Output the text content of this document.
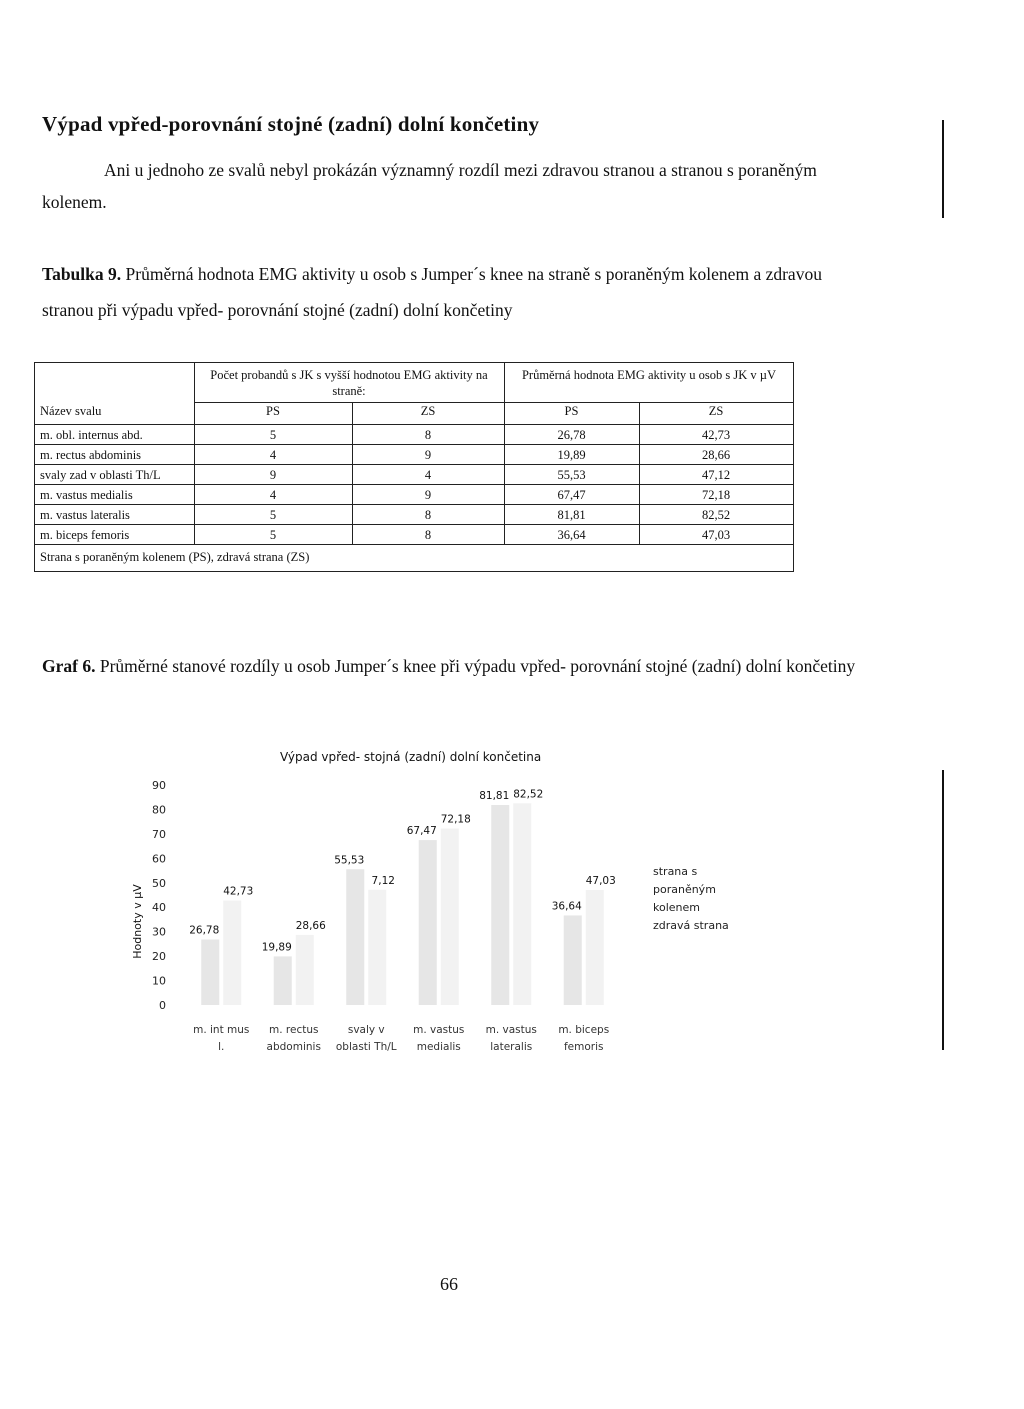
Výpad vpřed-porovnání stojné (zadní) dolní končetiny
Ani u jednoho ze svalů nebyl prokázán významný rozdíl mezi zdravou stranou a stranou s poraněným kolenem.
Tabulka 9. Průměrná hodnota EMG aktivity u osob s Jumper´s knee na straně s poraněným kolenem a zdravou stranou při výpadu vpřed- porovnání stojné (zadní) dolní končetiny
Počet probandů s JK s vyšší hodnotou EMG aktivity na straně:
Průměrná hodnota EMG aktivity u osob s JK v µV
Název svalu	PS	ZS	PS	ZS
m. obl. internus abd.	5	8	26,78	42,73
m. rectus abdominis	4	9	19,89	28,66
svaly zad v oblasti Th/L	9	4	55,53	47,12
m. vastus medialis	4	9	67,47	72,18
m. vastus lateralis	5	8	81,81	82,52
m. biceps femoris	5	8	36,64	47,03
Strana s poraněným kolenem (PS), zdravá strana (ZS)
Graf 6. Průměrné stanové rozdíly u osob Jumper´s knee při výpadu vpřed- porovnání stojné (zadní) dolní končetiny
Výpad vpřed- stojná (zadní) dolní končetina
Hodnoty v µV
0
10
20
30
40
50
60
70
80
90
26,78
19,89
55,53
67,47
81,81
36,64
42,73
28,66
7,12
72,18
82,52
47,03
m. int mus
l.
m. rectus
abdominis
svaly v
oblasti Th/L
m. vastus
medialis
m. vastus
lateralis
m. biceps
femoris
strana s
poraněným
kolenem
zdravá strana
66
